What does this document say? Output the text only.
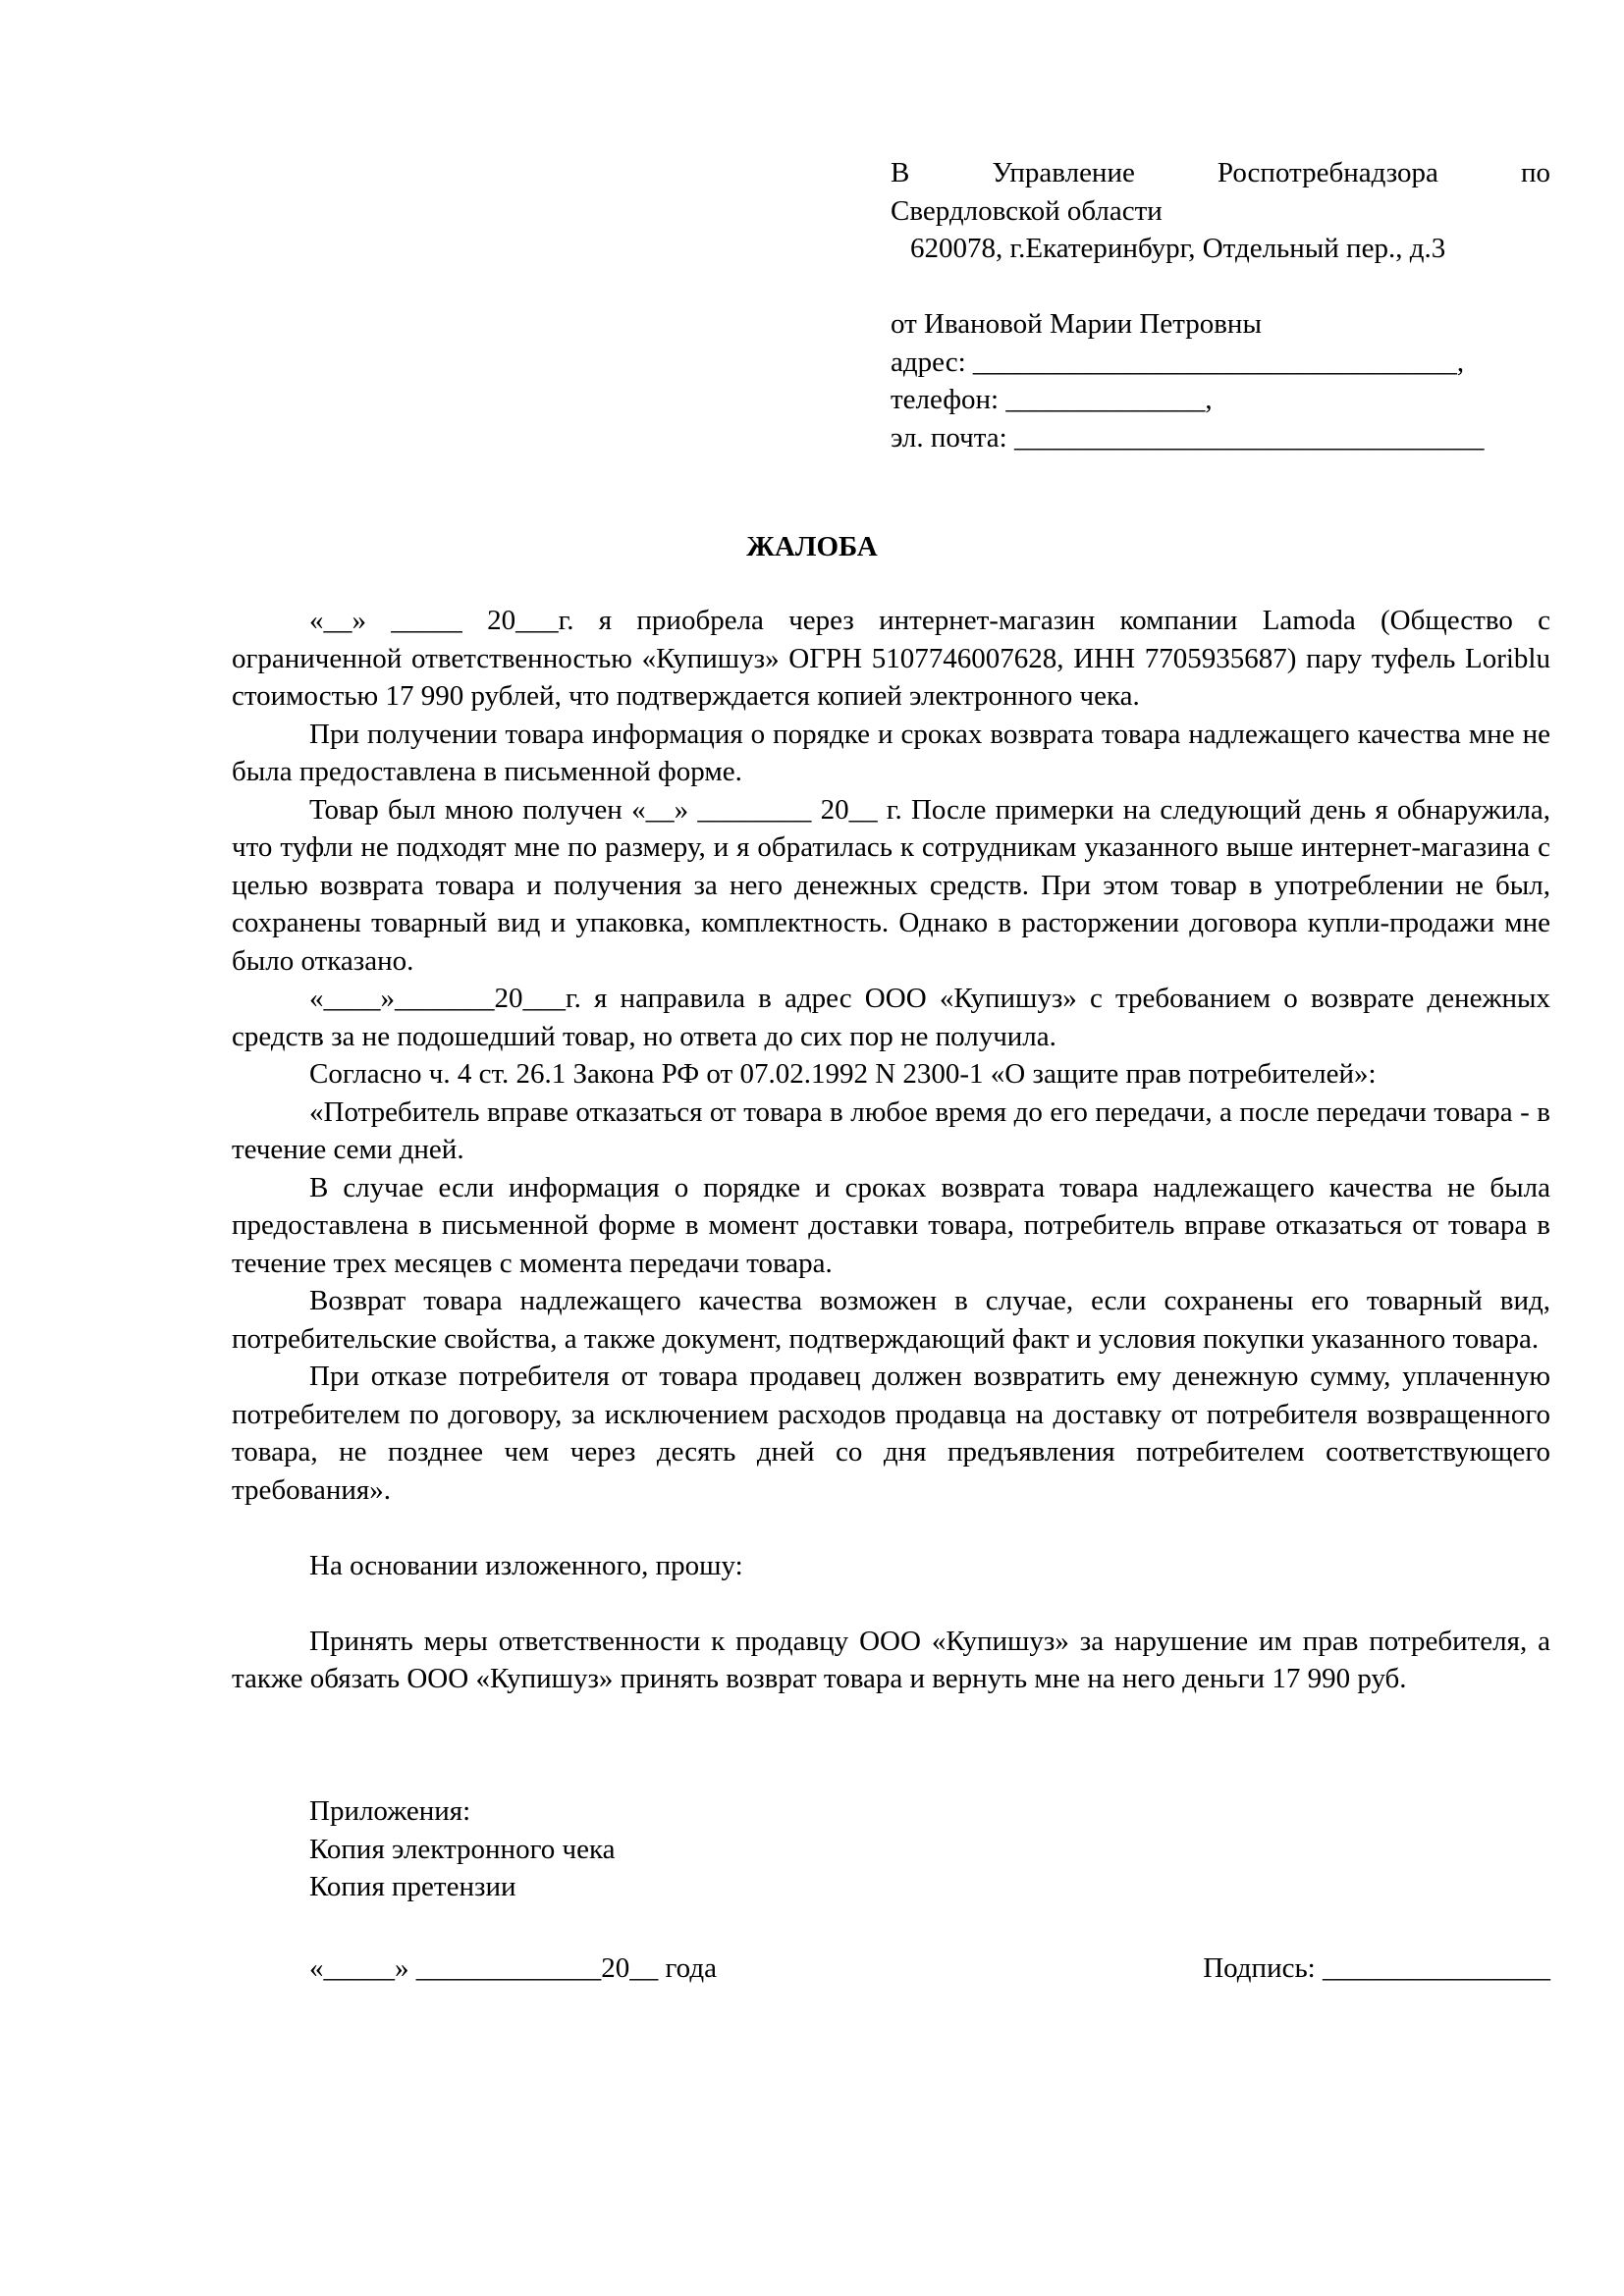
В	Управление	Роспотребнадзора	по
Свердловской области
620078, г.Екатеринбург, Отдельный пер., д.3
от Ивановой Марии Петровны
адрес: __________________________________,
телефон: ______________,
эл. почта: _________________________________
ЖАЛОБА

«__» _____ 20___г. я приобрела через интернет-магазин компании Lamoda (Общество с ограниченной ответственностью «Купишуз» ОГРН 5107746007628, ИНН 7705935687) пару туфель Loriblu стоимостью 17 990 рублей, что подтверждается копией электронного чека.

При получении товара информация о порядке и сроках возврата товара надлежащего качества мне не была предоставлена в письменной форме.

Товар был мною получен «__» ________ 20__ г. После примерки на следующий день я обнаружила, что туфли не подходят мне по размеру, и я обратилась к сотрудникам указанного выше интернет-магазина с целью возврата товара и получения за него денежных средств. При этом товар в употреблении не был, сохранены товарный вид и упаковка, комплектность. Однако в расторжении договора купли-продажи мне было отказано.

«____»_______20___г. я направила в адрес ООО «Купишуз» с требованием о возврате денежных средств за не подошедший товар, но ответа до сих пор не получила.

Согласно ч. 4 ст. 26.1 Закона РФ от 07.02.1992 N 2300-1 «О защите прав потребителей»:

«Потребитель вправе отказаться от товара в любое время до его передачи, а после передачи товара - в течение семи дней.

В случае если информация о порядке и сроках возврата товара надлежащего качества не была предоставлена в письменной форме в момент доставки товара, потребитель вправе отказаться от товара в течение трех месяцев с момента передачи товара.

Возврат товара надлежащего качества возможен в случае, если сохранены его товарный вид, потребительские свойства, а также документ, подтверждающий факт и условия покупки указанного товара.

При отказе потребителя от товара продавец должен возвратить ему денежную сумму, уплаченную потребителем по договору, за исключением расходов продавца на доставку от потребителя возвращенного товара, не позднее чем через десять дней со дня предъявления потребителем соответствующего требования».

На основании изложенного, прошу:

Принять меры ответственности к продавцу ООО «Купишуз» за нарушение им прав потребителя, а также обязать ООО «Купишуз» принять возврат товара и вернуть мне на него деньги 17 990 руб.

Приложения:
Копия электронного чека
Копия претензии
«_____» _____________20__ года	Подпись: ________________
